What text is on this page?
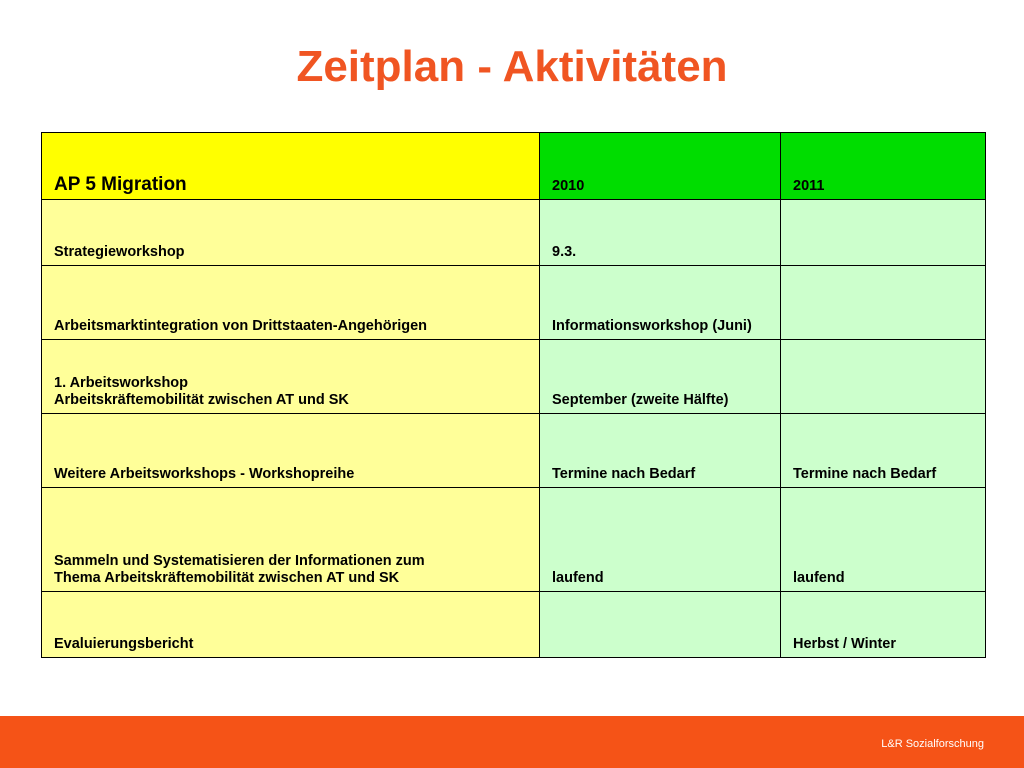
Zeitplan - Aktivitäten
AP 5 Migration	2010	2011

Strategieworkshop	9.3.	

Arbeitsmarktintegration von Drittstaaten-Angehörigen	Informationsworkshop (Juni)	

1. Arbeitsworkshop
Arbeitskräftemobilität zwischen AT und SK	September (zweite Hälfte)	

Weitere Arbeitsworkshops - Workshopreihe	Termine nach Bedarf	Termine nach Bedarf

Sammeln und Systematisieren der Informationen zum
Thema Arbeitskräftemobilität zwischen AT und SK	laufend	laufend

Evaluierungsbericht		Herbst / Winter
L&R Sozialforschung
